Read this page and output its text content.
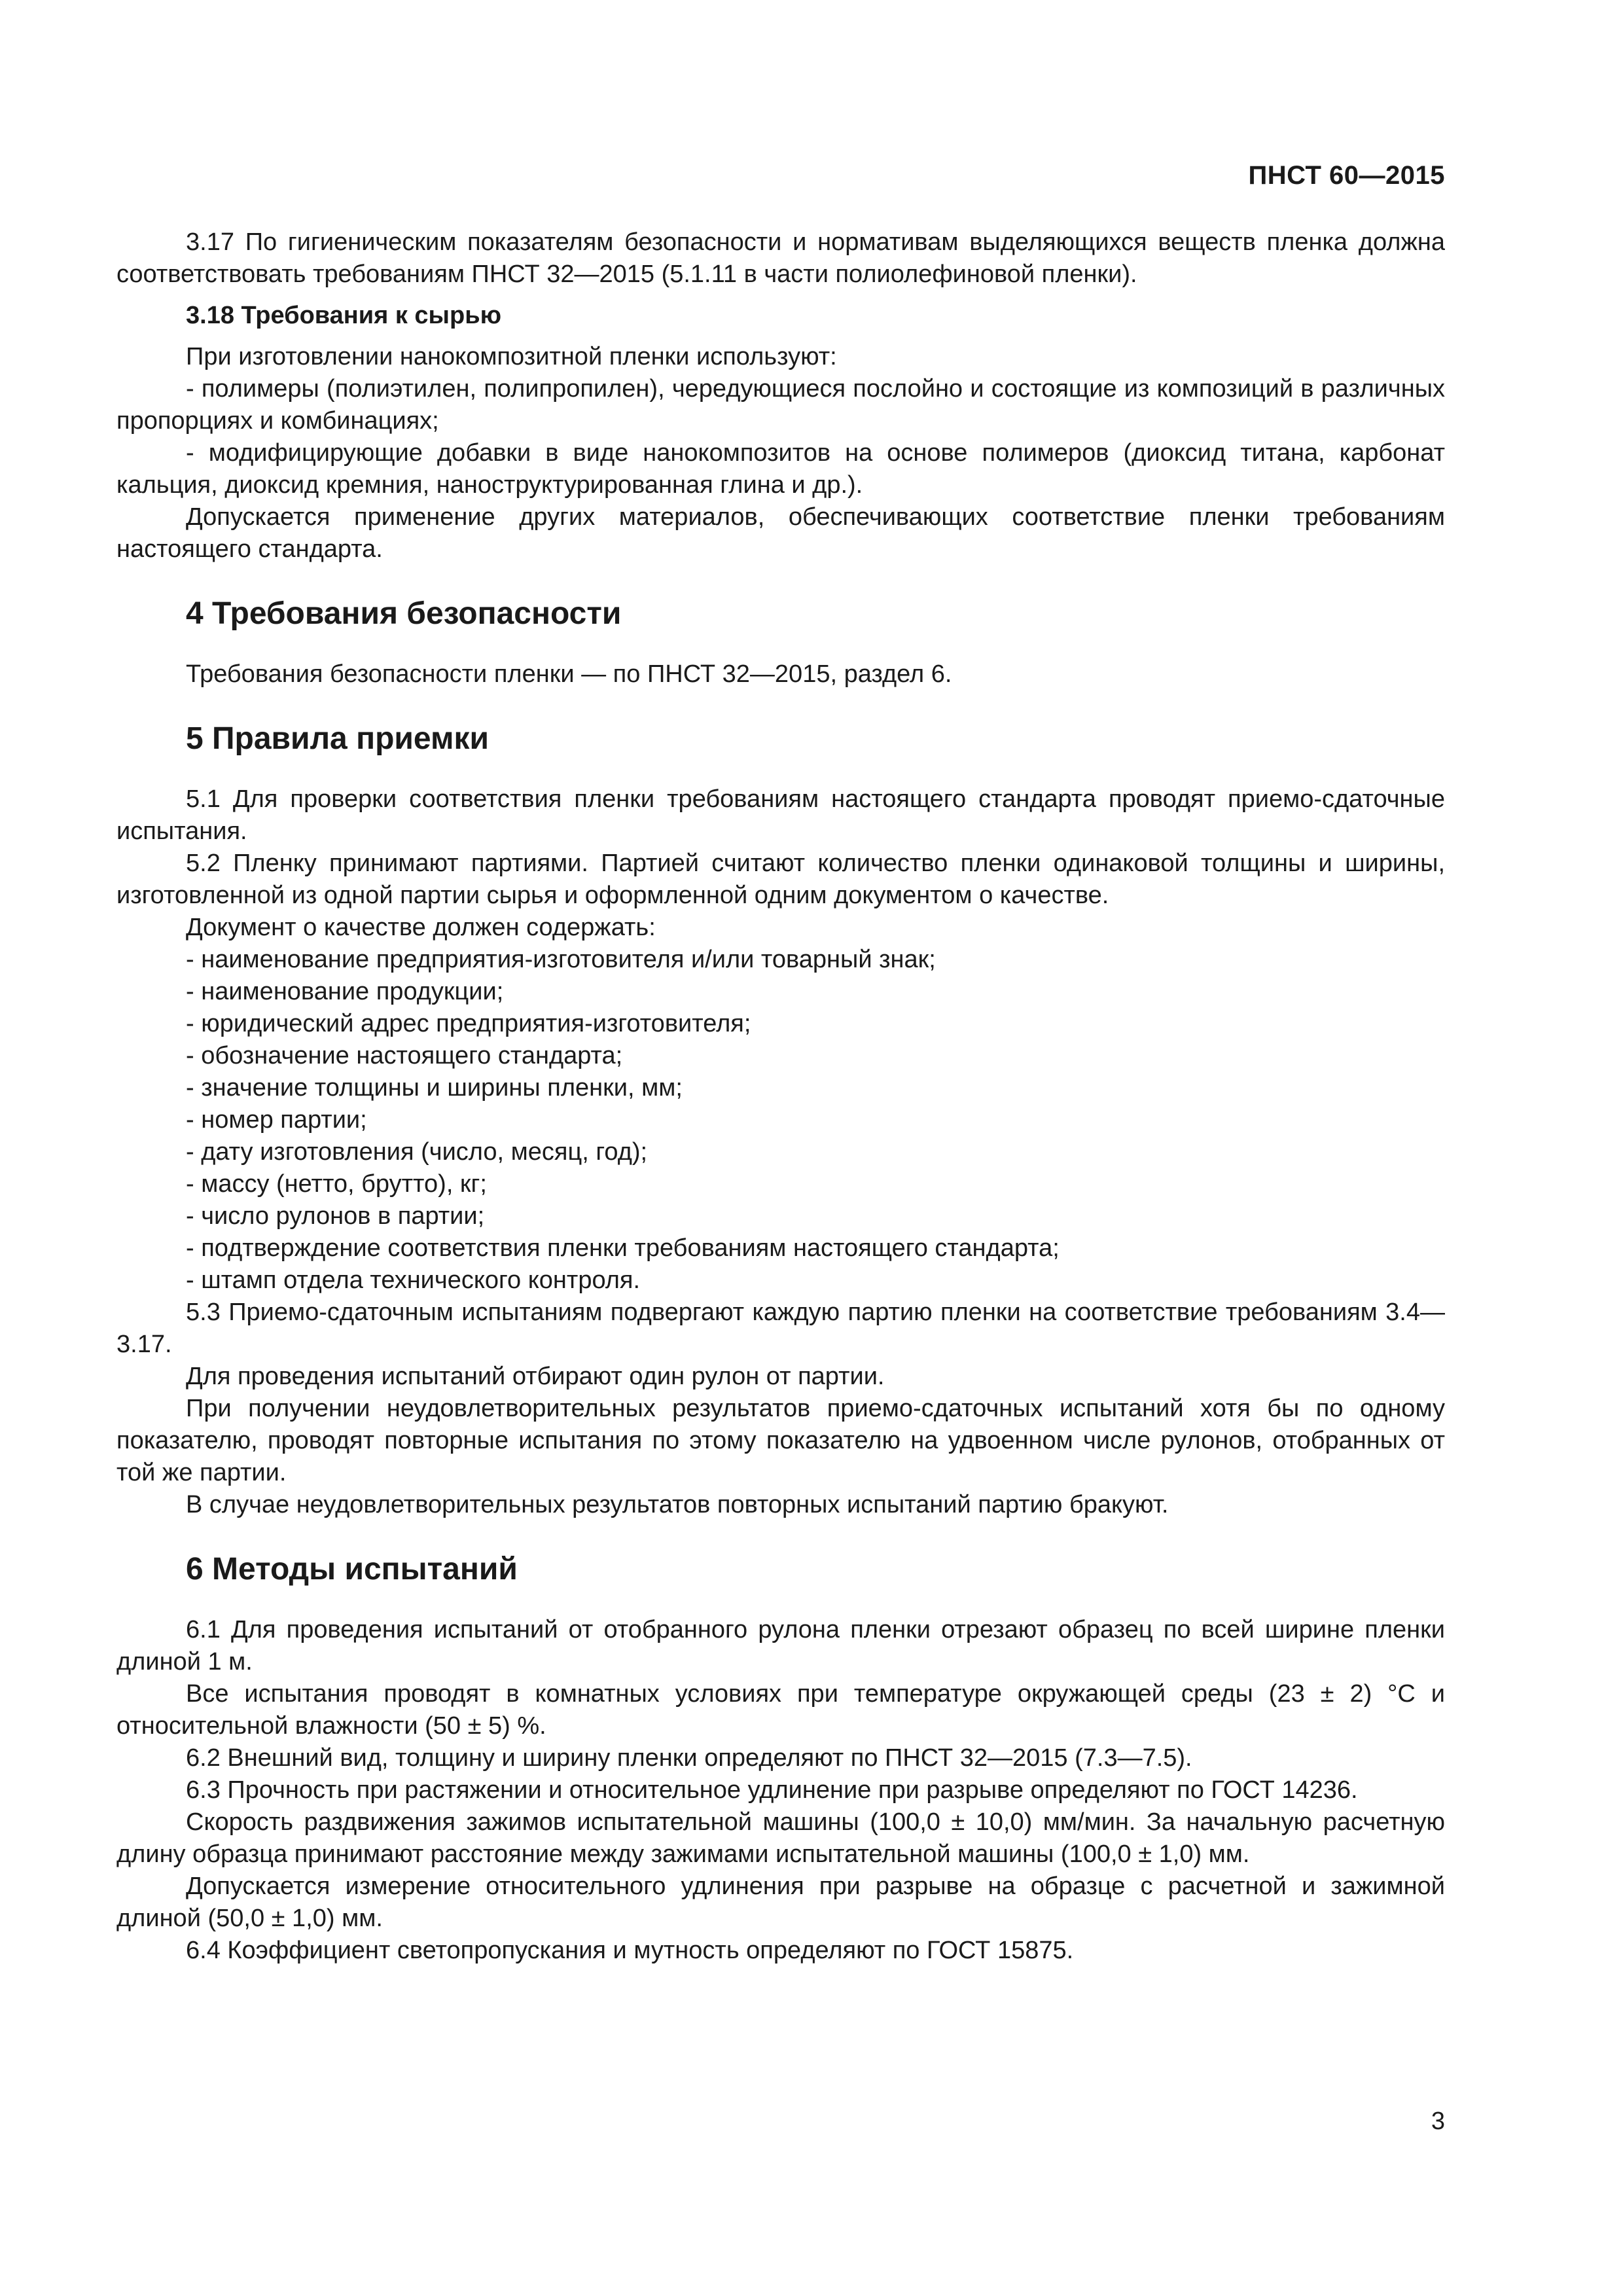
ПНСТ 60—2015

3.17 По гигиеническим показателям безопасности и нормативам выделяющихся веществ пленка должна соответствовать требованиям ПНСТ 32—2015 (5.1.11 в части полиолефиновой пленки).

3.18 Требования к сырью

При изготовлении нанокомпозитной пленки используют:

- полимеры (полиэтилен, полипропилен), чередующиеся послойно и состоящие из композиций в различных пропорциях и комбинациях;

- модифицирующие добавки в виде нанокомпозитов на основе полимеров (диоксид титана, карбонат кальция, диоксид кремния, наноструктурированная глина и др.).

Допускается применение других материалов, обеспечивающих соответствие пленки требованиям настоящего стандарта.

4 Требования безопасности

Требования безопасности пленки — по ПНСТ 32—2015, раздел 6.

5 Правила приемки

5.1 Для проверки соответствия пленки требованиям настоящего стандарта проводят приемо-сдаточные испытания.

5.2 Пленку принимают партиями. Партией считают количество пленки одинаковой толщины и ширины, изготовленной из одной партии сырья и оформленной одним документом о качестве.

Документ о качестве должен содержать:

- наименование предприятия-изготовителя и/или товарный знак;

- наименование продукции;

- юридический адрес предприятия-изготовителя;

- обозначение настоящего стандарта;

- значение толщины и ширины пленки, мм;

- номер партии;

- дату изготовления (число, месяц, год);

- массу (нетто, брутто), кг;

- число рулонов в партии;

- подтверждение соответствия пленки требованиям настоящего стандарта;

- штамп отдела технического контроля.

5.3 Приемо-сдаточным испытаниям подвергают каждую партию пленки на соответствие требованиям 3.4—3.17.

Для проведения испытаний отбирают один рулон от партии.

При получении неудовлетворительных результатов приемо-сдаточных испытаний хотя бы по одному показателю, проводят повторные испытания по этому показателю на удвоенном числе рулонов, отобранных от той же партии.

В случае неудовлетворительных результатов повторных испытаний партию бракуют.

6 Методы испытаний

6.1 Для проведения испытаний от отобранного рулона пленки отрезают образец по всей ширине пленки длиной 1 м.

Все испытания проводят в комнатных условиях при температуре окружающей среды (23 ± 2) °С и относительной влажности (50 ± 5) %.

6.2 Внешний вид, толщину и ширину пленки определяют по ПНСТ 32—2015 (7.3—7.5).

6.3 Прочность при растяжении и относительное удлинение при разрыве определяют по ГОСТ 14236.

Скорость раздвижения зажимов испытательной машины (100,0 ± 10,0) мм/мин. За начальную расчетную длину образца принимают расстояние между зажимами испытательной машины (100,0 ± 1,0) мм.

Допускается измерение относительного удлинения при разрыве на образце с расчетной и зажимной длиной (50,0 ± 1,0) мм.

6.4 Коэффициент светопропускания и мутность определяют по ГОСТ 15875.

3
